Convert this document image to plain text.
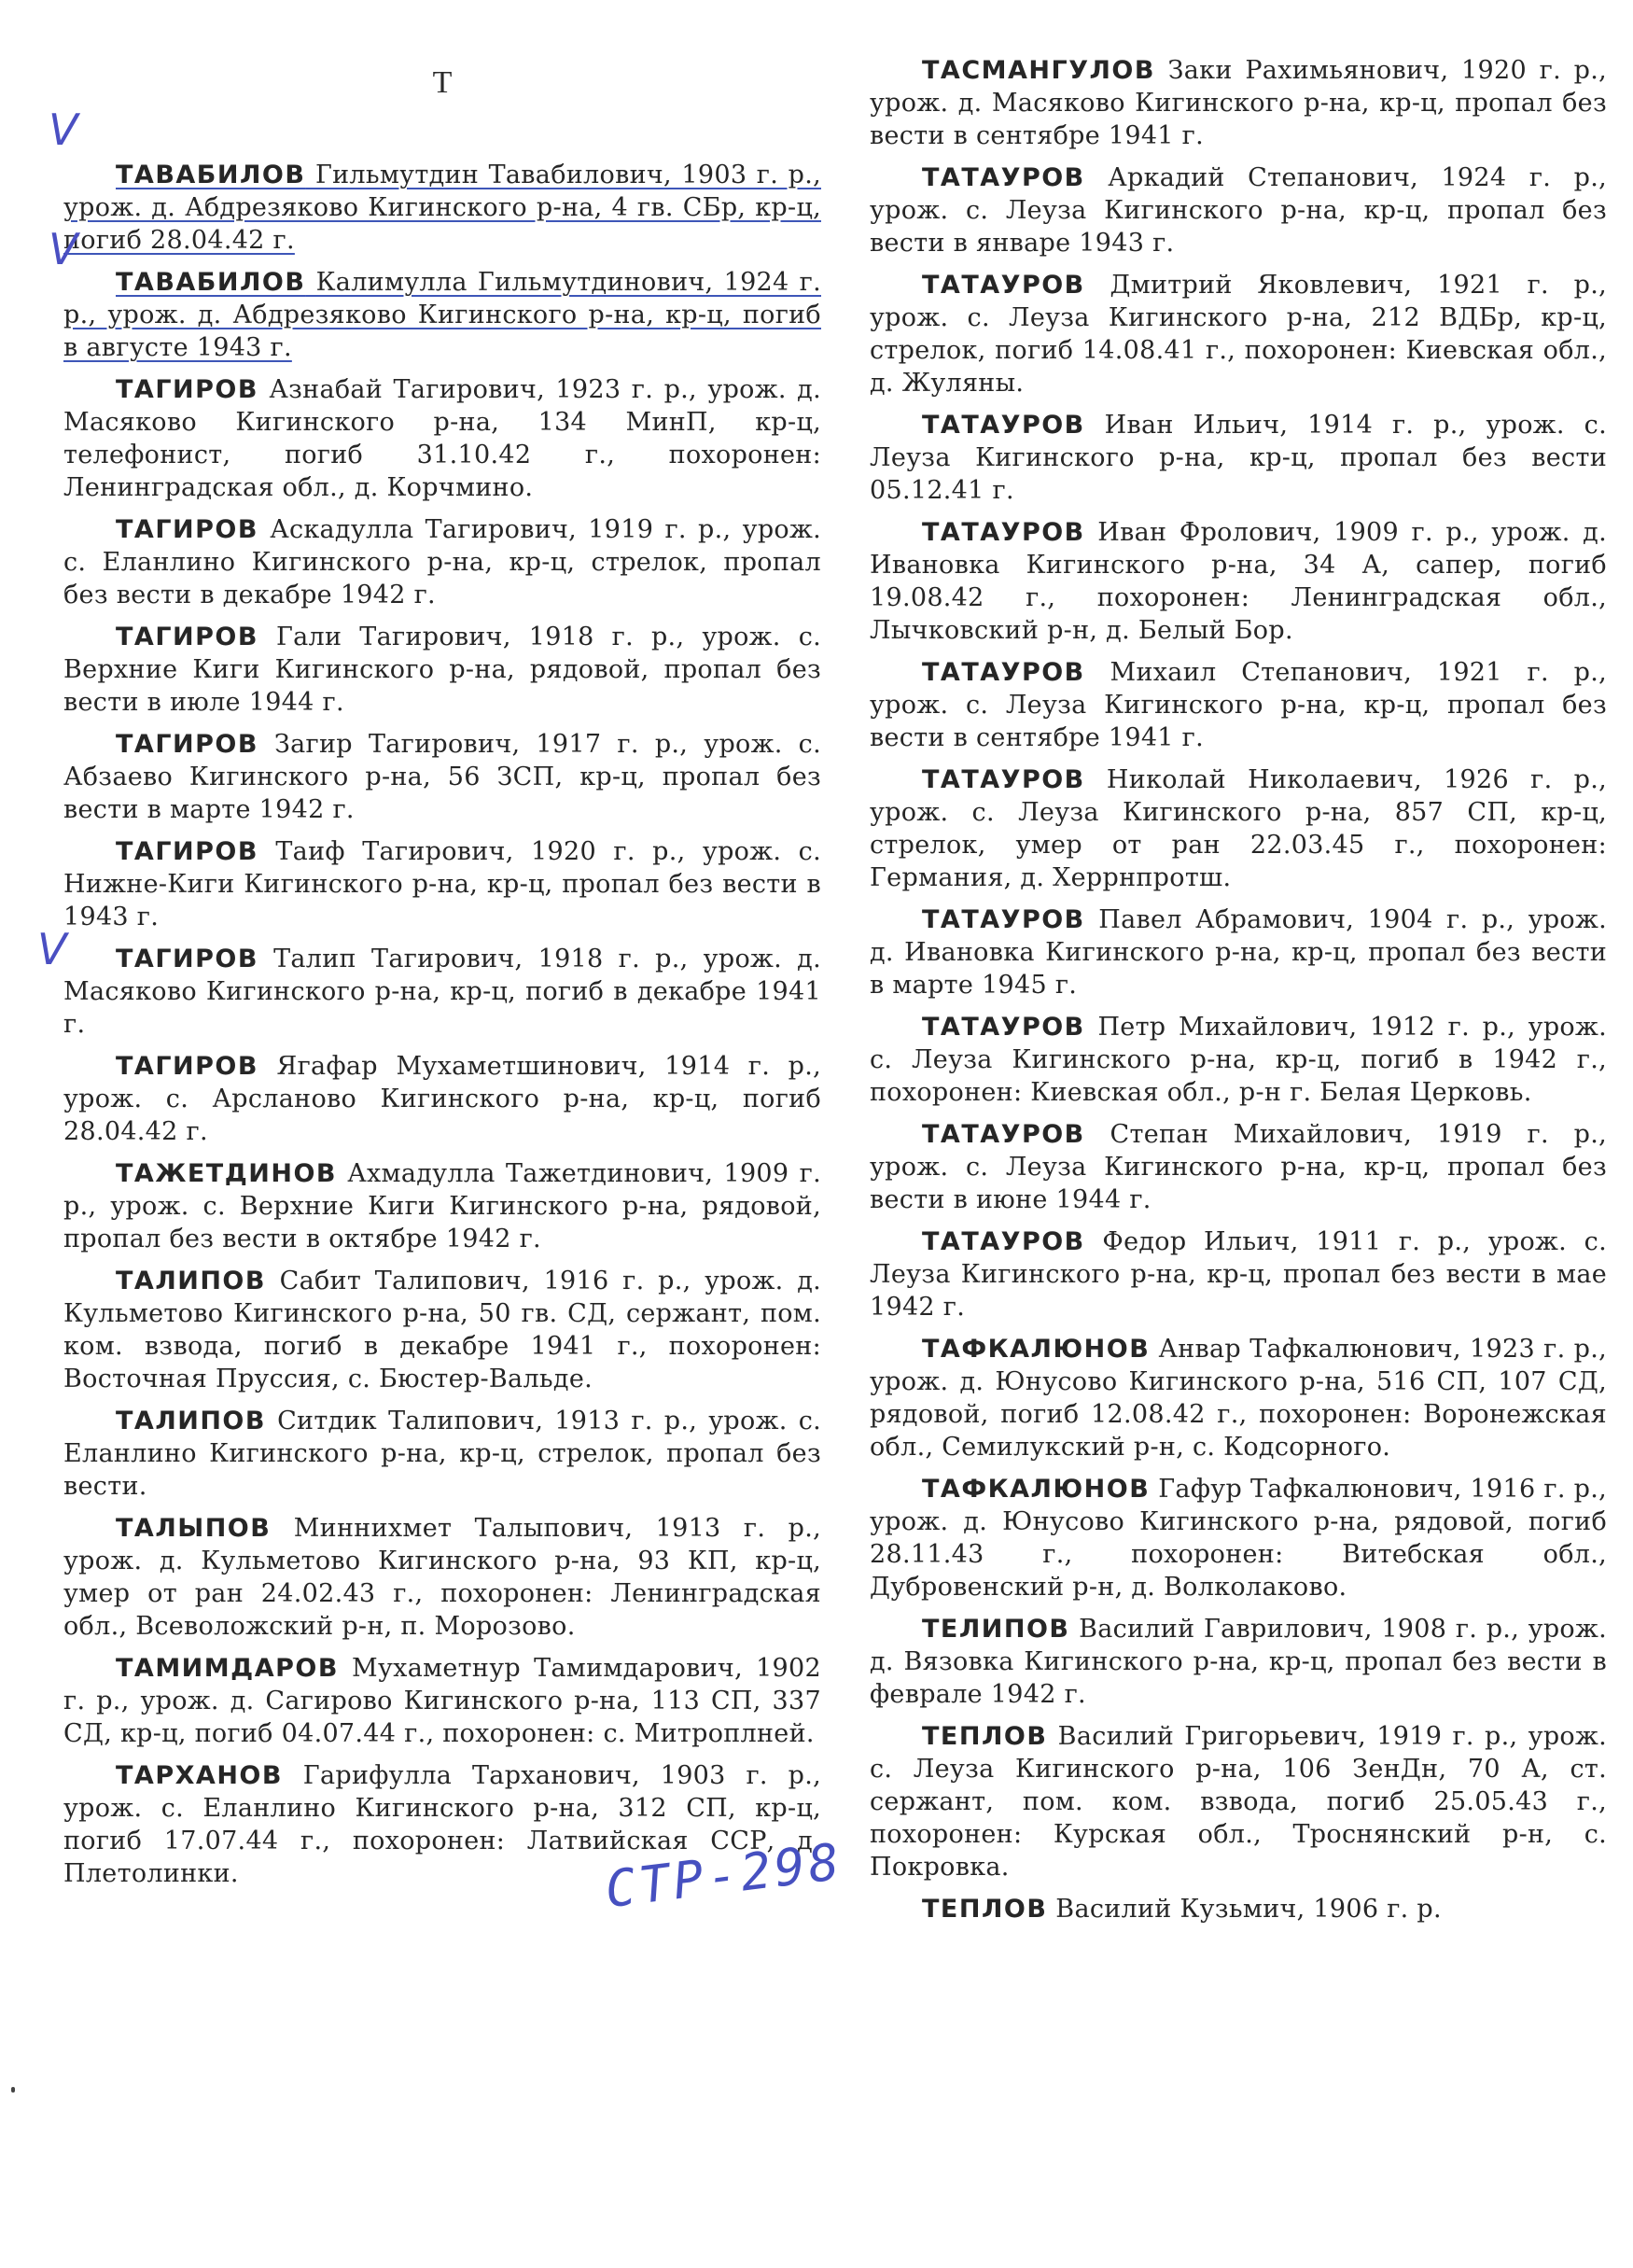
Т
ТАВАБИЛОВ Гильмутдин Тавабилович, 1903 г. р., урож. д. Абдрезяково Кигинского р-на, 4 гв. СБр, кр-ц, погиб 28.04.42 г.
ТАВАБИЛОВ Калимулла Гильмутдинович, 1924 г. р., урож. д. Абдрезяково Кигинского р-на, кр-ц, погиб в августе 1943 г.
ТАГИРОВ Азнабай Тагирович, 1923 г. р., урож. д. Масяково Кигинского р-на, 134 МинП, кр-ц, телефонист, погиб 31.10.42 г., похоронен: Ленинградская обл., д. Корчмино.
ТАГИРОВ Аскадулла Тагирович, 1919 г. р., урож. с. Еланлино Кигинского р-на, кр-ц, стрелок, пропал без вести в декабре 1942 г.
ТАГИРОВ Гали Тагирович, 1918 г. р., урож. с. Верхние Киги Кигинского р-на, рядовой, пропал без вести в июле 1944 г.
ТАГИРОВ Загир Тагирович, 1917 г. р., урож. с. Абзаево Кигинского р-на, 56 ЗСП, кр-ц, пропал без вести в марте 1942 г.
ТАГИРОВ Таиф Тагирович, 1920 г. р., урож. с. Нижне-Киги Кигинского р-на, кр-ц, пропал без вести в 1943 г.
ТАГИРОВ Талип Тагирович, 1918 г. р., урож. д. Масяково Кигинского р-на, кр-ц, погиб в декабре 1941 г.
ТАГИРОВ Ягафар Мухаметшинович, 1914 г. р., урож. с. Арсланово Кигинского р-на, кр-ц, погиб 28.04.42 г.
ТАЖЕТДИНОВ Ахмадулла Тажетдинович, 1909 г. р., урож. с. Верхние Киги Кигинского р-на, рядовой, пропал без вести в октябре 1942 г.
ТАЛИПОВ Сабит Талипович, 1916 г. р., урож. д. Кульметово Кигинского р-на, 50 гв. СД, сержант, пом. ком. взвода, погиб в декабре 1941 г., похоронен: Восточная Пруссия, с. Бюстер-Вальде.
ТАЛИПОВ Ситдик Талипович, 1913 г. р., урож. с. Еланлино Кигинского р-на, кр-ц, стрелок, пропал без вести.
ТАЛЫПОВ Миннихмет Талыпович, 1913 г. р., урож. д. Кульметово Кигинского р-на, 93 КП, кр-ц, умер от ран 24.02.43 г., похоронен: Ленинградская обл., Всеволожский р-н, п. Морозово.
ТАМИМДАРОВ Мухаметнур Тамимдарович, 1902 г. р., урож. д. Сагирово Кигинского р-на, 113 СП, 337 СД, кр-ц, погиб 04.07.44 г., похоронен: с. Митроплней.
ТАРХАНОВ Гарифулла Тарханович, 1903 г. р., урож. с. Еланлино Кигинского р-на, 312 СП, кр-ц, погиб 17.07.44 г., похоронен: Латвийская ССР, д. Плетолинки.
ТАСМАНГУЛОВ Заки Рахимьянович, 1920 г. р., урож. д. Масяково Кигинского р-на, кр-ц, пропал без вести в сентябре 1941 г.
ТАТАУРОВ Аркадий Степанович, 1924 г. р., урож. с. Леуза Кигинского р-на, кр-ц, пропал без вести в январе 1943 г.
ТАТАУРОВ Дмитрий Яковлевич, 1921 г. р., урож. с. Леуза Кигинского р-на, 212 ВДБр, кр-ц, стрелок, погиб 14.08.41 г., похоронен: Киевская обл., д. Жуляны.
ТАТАУРОВ Иван Ильич, 1914 г. р., урож. с. Леуза Кигинского р-на, кр-ц, пропал без вести 05.12.41 г.
ТАТАУРОВ Иван Фролович, 1909 г. р., урож. д. Ивановка Кигинского р-на, 34 А, сапер, погиб 19.08.42 г., похоронен: Ленинградская обл., Лычковский р-н, д. Белый Бор.
ТАТАУРОВ Михаил Степанович, 1921 г. р., урож. с. Леуза Кигинского р-на, кр-ц, пропал без вести в сентябре 1941 г.
ТАТАУРОВ Николай Николаевич, 1926 г. р., урож. с. Леуза Кигинского р-на, 857 СП, кр-ц, стрелок, умер от ран 22.03.45 г., похоронен: Германия, д. Херрнпротш.
ТАТАУРОВ Павел Абрамович, 1904 г. р., урож. д. Ивановка Кигинского р-на, кр-ц, пропал без вести в марте 1945 г.
ТАТАУРОВ Петр Михайлович, 1912 г. р., урож. с. Леуза Кигинского р-на, кр-ц, погиб в 1942 г., похоронен: Киевская обл., р-н г. Белая Церковь.
ТАТАУРОВ Степан Михайлович, 1919 г. р., урож. с. Леуза Кигинского р-на, кр-ц, пропал без вести в июне 1944 г.
ТАТАУРОВ Федор Ильич, 1911 г. р., урож. с. Леуза Кигинского р-на, кр-ц, пропал без вести в мае 1942 г.
ТАФКАЛЮНОВ Анвар Тафкалюнович, 1923 г. р., урож. д. Юнусово Кигинского р-на, 516 СП, 107 СД, рядовой, погиб 12.08.42 г., похоронен: Воронежская обл., Семилукский р-н, с. Кодсорного.
ТАФКАЛЮНОВ Гафур Тафкалюнович, 1916 г. р., урож. д. Юнусово Кигинского р-на, рядовой, погиб 28.11.43 г., похоронен: Витебская обл., Дубровенский р-н, д. Волколаково.
ТЕЛИПОВ Василий Гаврилович, 1908 г. р., урож. д. Вязовка Кигинского р-на, кр-ц, пропал без вести в феврале 1942 г.
ТЕПЛОВ Василий Григорьевич, 1919 г. р., урож. с. Леуза Кигинского р-на, 106 ЗенДн, 70 А, ст. сержант, пом. ком. взвода, погиб 25.05.43 г., похоронен: Курская обл., Троснянский р-н, с. Покровка.
ТЕПЛОВ Василий Кузьмич, 1906 г. р.
V
V
V
СТР-298
